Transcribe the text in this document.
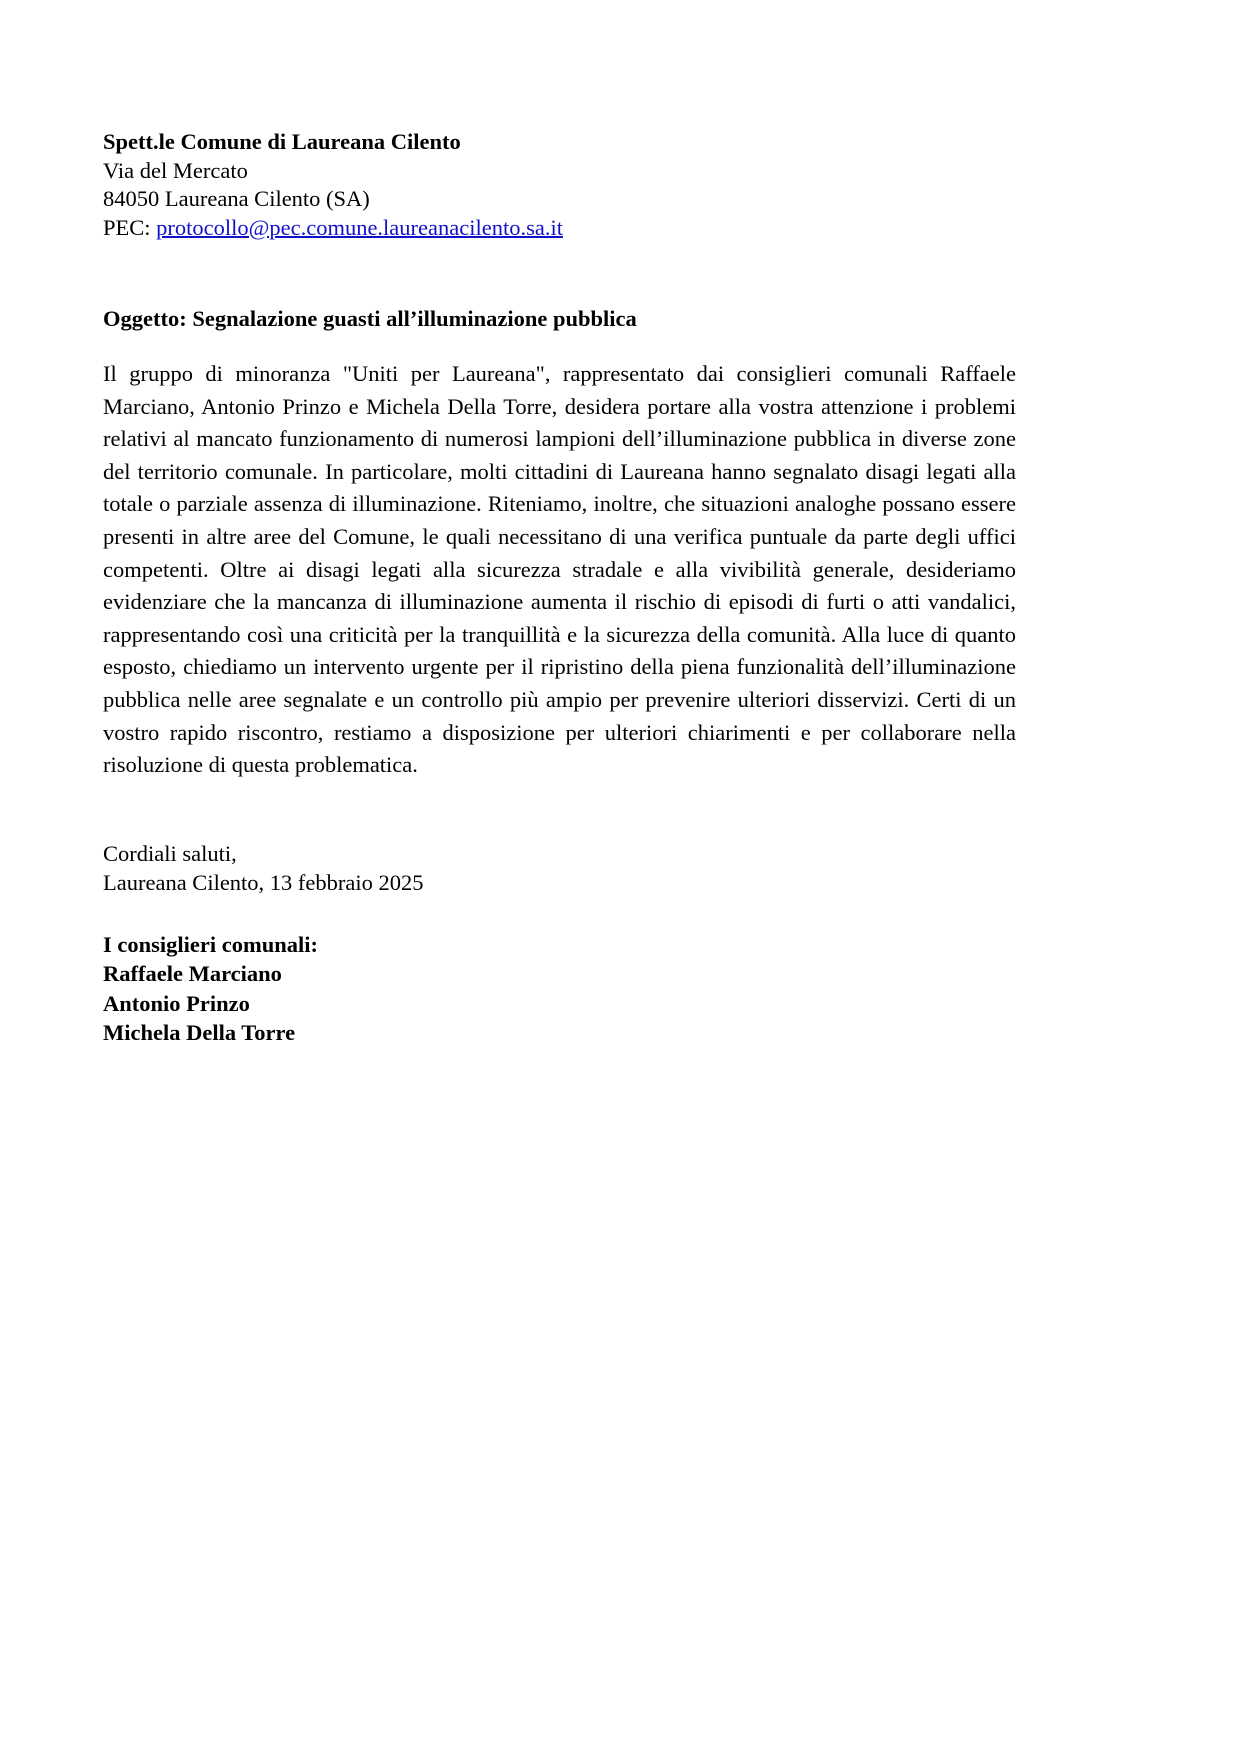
Spett.le Comune di Laureana Cilento
Via del Mercato
84050 Laureana Cilento (SA)
PEC: protocollo@pec.comune.laureanacilento.sa.it
Oggetto: Segnalazione guasti all’illuminazione pubblica

Il gruppo di minoranza "Uniti per Laureana", rappresentato dai consiglieri comunali Raffaele Marciano, Antonio Prinzo e Michela Della Torre, desidera portare alla vostra attenzione i problemi relativi al mancato funzionamento di numerosi lampioni dell’illuminazione pubblica in diverse zone del territorio comunale. In particolare, molti cittadini di Laureana hanno segnalato disagi legati alla totale o parziale assenza di illuminazione. Riteniamo, inoltre, che situazioni analoghe possano essere presenti in altre aree del Comune, le quali necessitano di una verifica puntuale da parte degli uffici competenti. Oltre ai disagi legati alla sicurezza stradale e alla vivibilità generale, desideriamo evidenziare che la mancanza di illuminazione aumenta il rischio di episodi di furti o atti vandalici, rappresentando così una criticità per la tranquillità e la sicurezza della comunità. Alla luce di quanto esposto, chiediamo un intervento urgente per il ripristino della piena funzionalità dell’illuminazione pubblica nelle aree segnalate e un controllo più ampio per prevenire ulteriori disservizi. Certi di un vostro rapido riscontro, restiamo a disposizione per ulteriori chiarimenti e per collaborare nella risoluzione di questa problematica.

Cordiali saluti,
Laureana Cilento, 13 febbraio 2025
I consiglieri comunali:
Raffaele Marciano
Antonio Prinzo
Michela Della Torre
